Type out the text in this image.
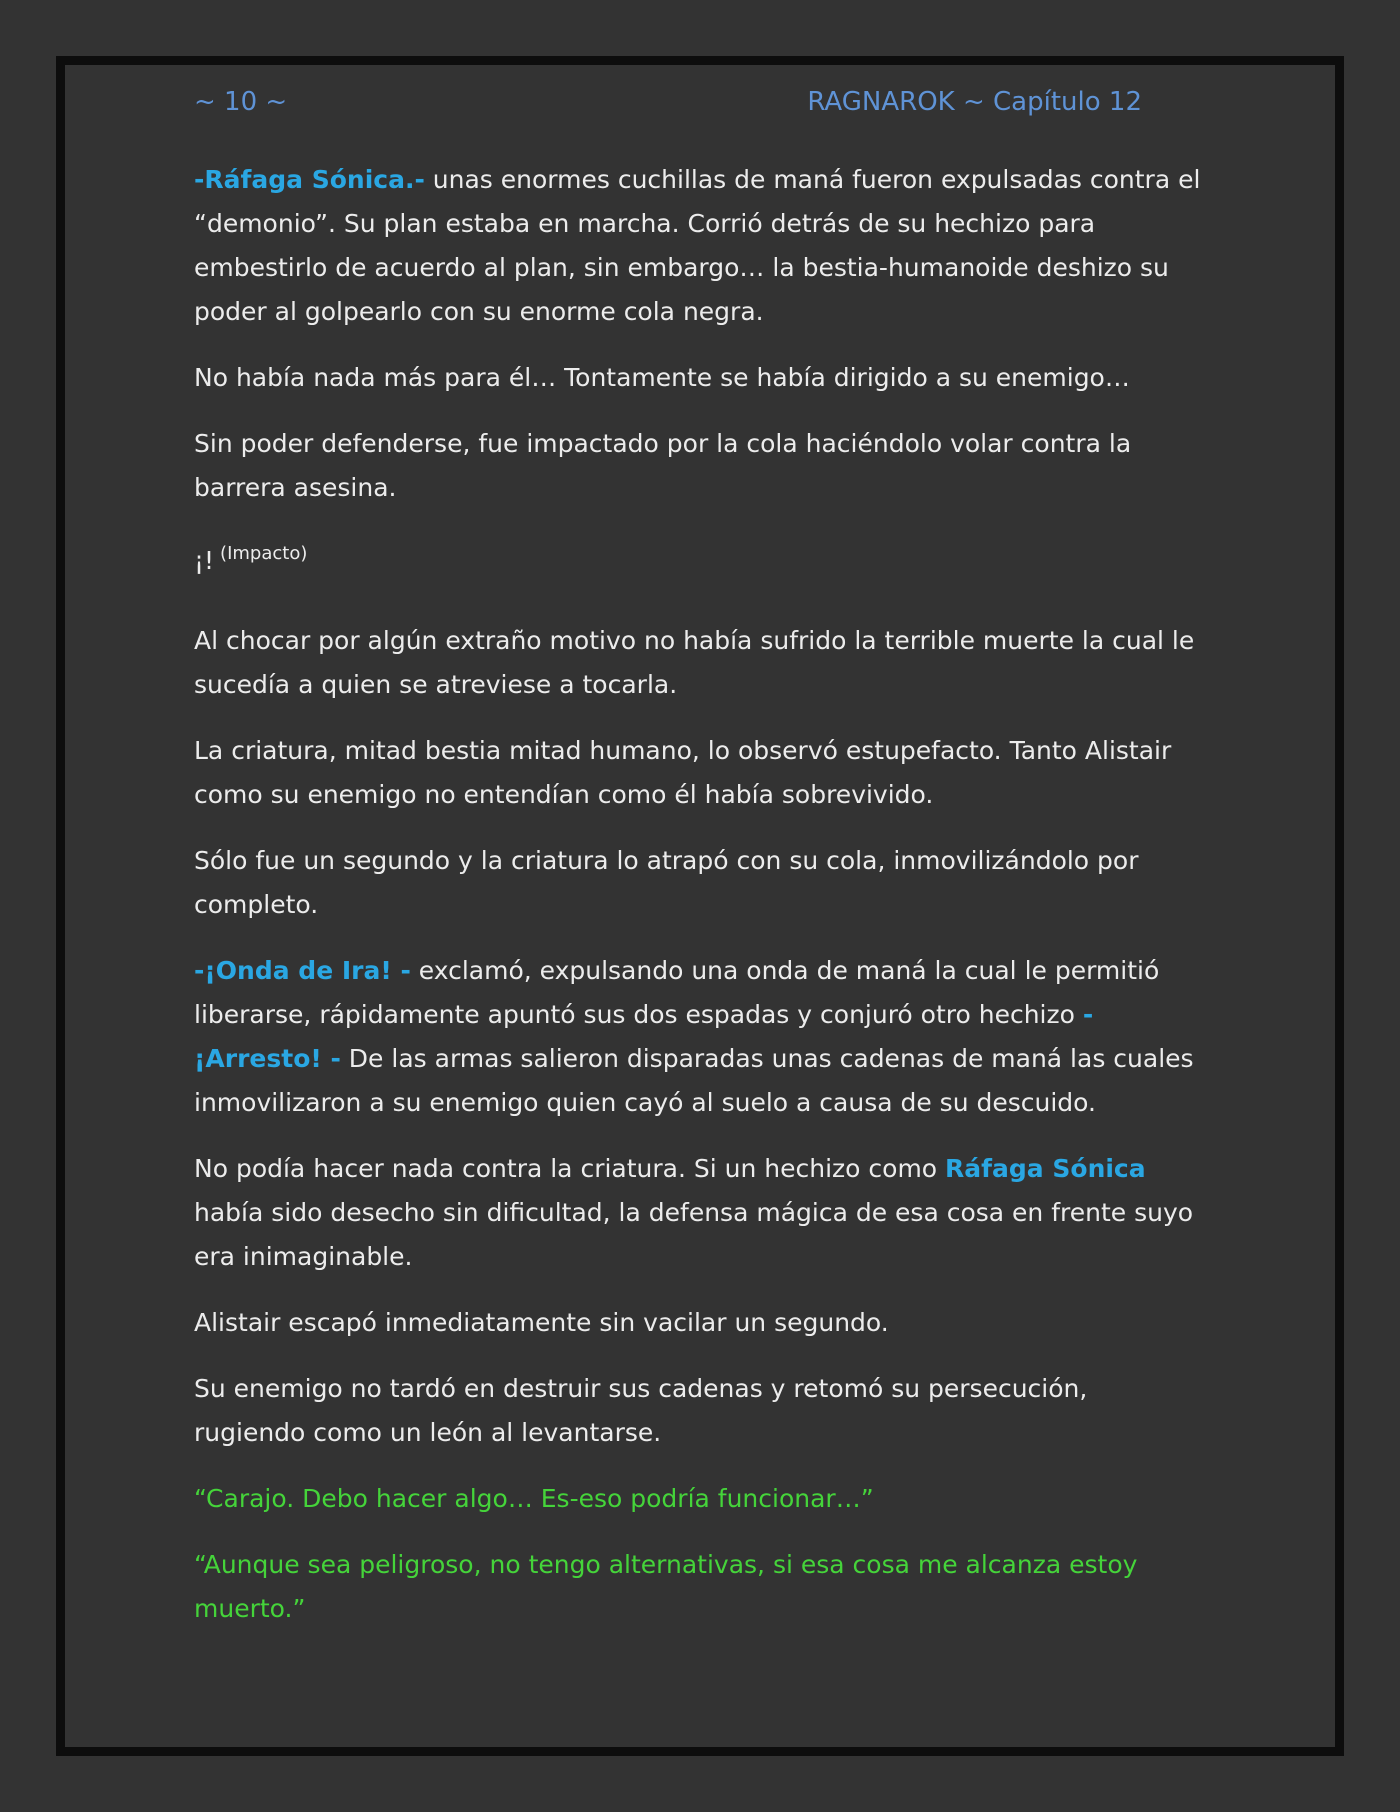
~ 10 ~	RAGNAROK ~ Capítulo 12

-Ráfaga Sónica.- unas enormes cuchillas de maná fueron expulsadas contra el “demonio”. Su plan estaba en marcha. Corrió detrás de su hechizo para embestirlo de acuerdo al plan, sin embargo… la bestia-humanoide deshizo su poder al golpearlo con su enorme cola negra.

No había nada más para él… Tontamente se había dirigido a su enemigo…

Sin poder defenderse, fue impactado por la cola haciéndolo volar contra la barrera asesina.

¡! $^{(Impacto)}$

Al chocar por algún extraño motivo no había sufrido la terrible muerte la cual le sucedía a quien se atreviese a tocarla.

La criatura, mitad bestia mitad humano, lo observó estupefacto. Tanto Alistair como su enemigo no entendían como él había sobrevivido.

Sólo fue un segundo y la criatura lo atrapó con su cola, inmovilizándolo por completo.

-¡Onda de Ira! - exclamó, expulsando una onda de maná la cual le permitió liberarse, rápidamente apuntó sus dos espadas y conjuró otro hechizo -¡Arresto! - De las armas salieron disparadas unas cadenas de maná las cuales inmovilizaron a su enemigo quien cayó al suelo a causa de su descuido.

No podía hacer nada contra la criatura. Si un hechizo como Ráfaga Sónica había sido desecho sin dificultad, la defensa mágica de esa cosa en frente suyo era inimaginable.

Alistair escapó inmediatamente sin vacilar un segundo.

Su enemigo no tardó en destruir sus cadenas y retomó su persecución, rugiendo como un león al levantarse.

“Carajo. Debo hacer algo… Es-eso podría funcionar…”

“Aunque sea peligroso, no tengo alternativas, si esa cosa me alcanza estoy muerto.”
